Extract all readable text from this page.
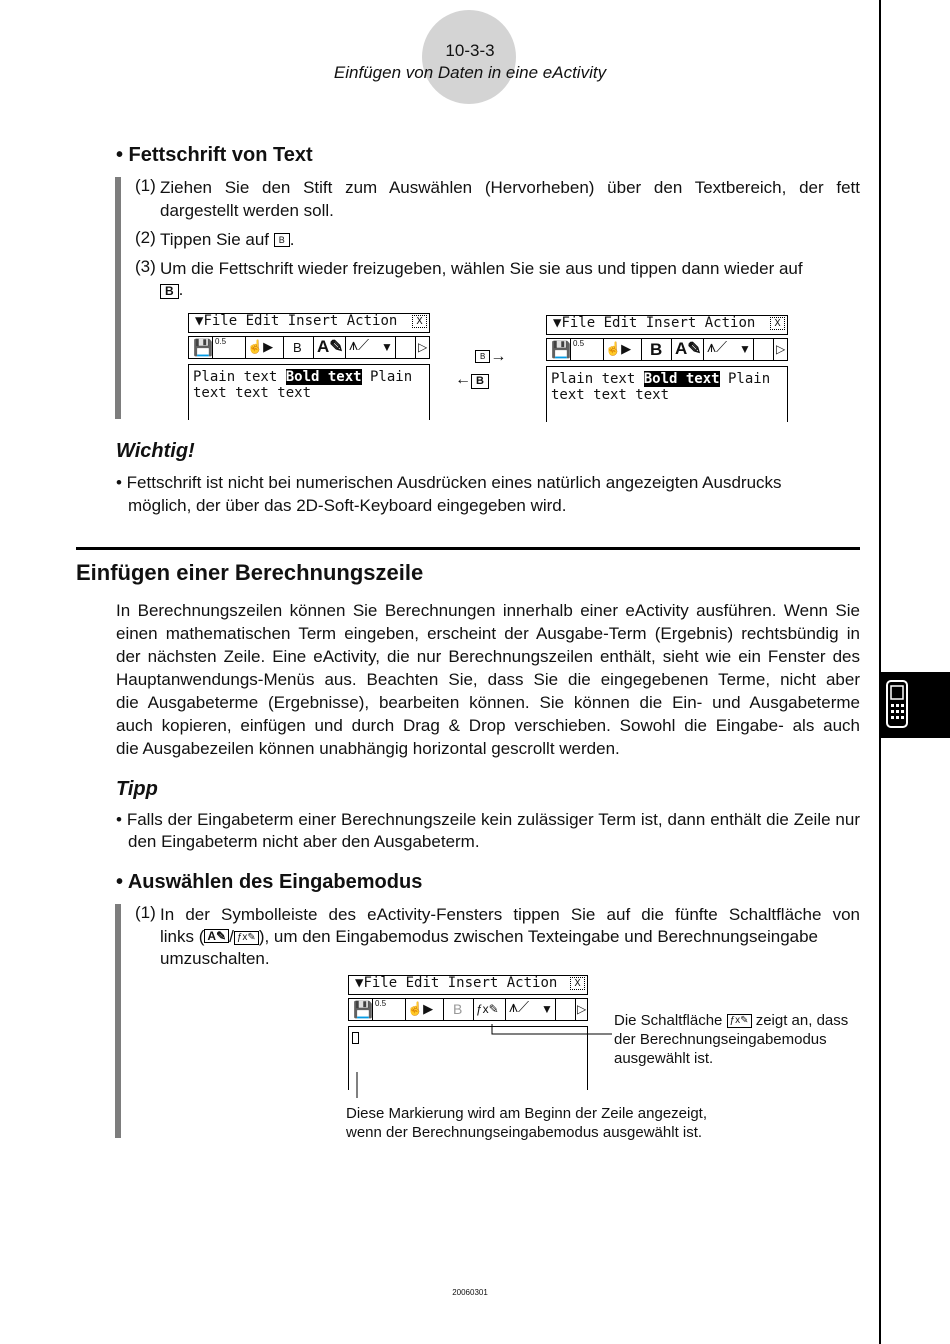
10-3-3
Einfügen von Daten in eine eActivity
• Fettschrift von Text
(1) Ziehen Sie den Stift zum Auswählen (Hervorheben) über den Textbereich, der fett
dargestellt werden soll.
(2) Tippen Sie auf B .
(3) Um die Fettschrift wieder freizugeben, wählen Sie sie aus und tippen dann wieder auf
B .
▼File Edit Insert Action	X
💾 0.5 ☝▶ B A✎ ⩚⟋ ▼ ▷
Plain text Bold text Plain
text text text
B →
← B
▼File Edit Insert Action	X
💾 0.5 ☝▶ B A✎ ⩚⟋ ▼ ▷
Plain text Bold text Plain
text text text
Wichtig!
• Fettschrift ist nicht bei numerischen Ausdrücken eines natürlich angezeigten Ausdrucks
möglich, der über das 2D-Soft-Keyboard eingegeben wird.
Einfügen einer Berechnungszeile
In Berechnungszeilen können Sie Berechnungen innerhalb einer eActivity ausführen. Wenn Sie
einen mathematischen Term eingeben, erscheint der Ausgabe-Term (Ergebnis) rechtsbündig in
der nächsten Zeile. Eine eActivity, die nur Berechnungszeilen enthält, sieht wie ein Fenster des
Hauptanwendungs-Menüs aus. Beachten Sie, dass Sie die eingegebenen Terme, nicht aber
die Ausgabeterme (Ergebnisse), bearbeiten können. Sie können die Ein- und Ausgabeterme
auch kopieren, einfügen und durch Drag & Drop verschieben. Sowohl die Eingabe- als auch
die Ausgabezeilen können unabhängig horizontal gescrollt werden.
Tipp
• Falls der Eingabeterm einer Berechnungszeile kein zulässiger Term ist, dann enthält die Zeile nur
den Eingabeterm nicht aber den Ausgabeterm.
• Auswählen des Eingabemodus
(1) In der Symbolleiste des eActivity-Fensters tippen Sie auf die fünfte Schaltfläche von
links ( A✎ / ƒx✎ ), um den Eingabemodus zwischen Texteingabe und Berechnungseingabe
umzuschalten.
▼File Edit Insert Action	X
💾 0.5 ☝▶ B ƒx✎ ⩚⟋ ▼ ▷
Die Schaltfläche ƒx✎ zeigt an, dass
der Berechnungseingabemodus
ausgewählt ist.
Diese Markierung wird am Beginn der Zeile angezeigt,
wenn der Berechnungseingabemodus ausgewählt ist.
20060301
